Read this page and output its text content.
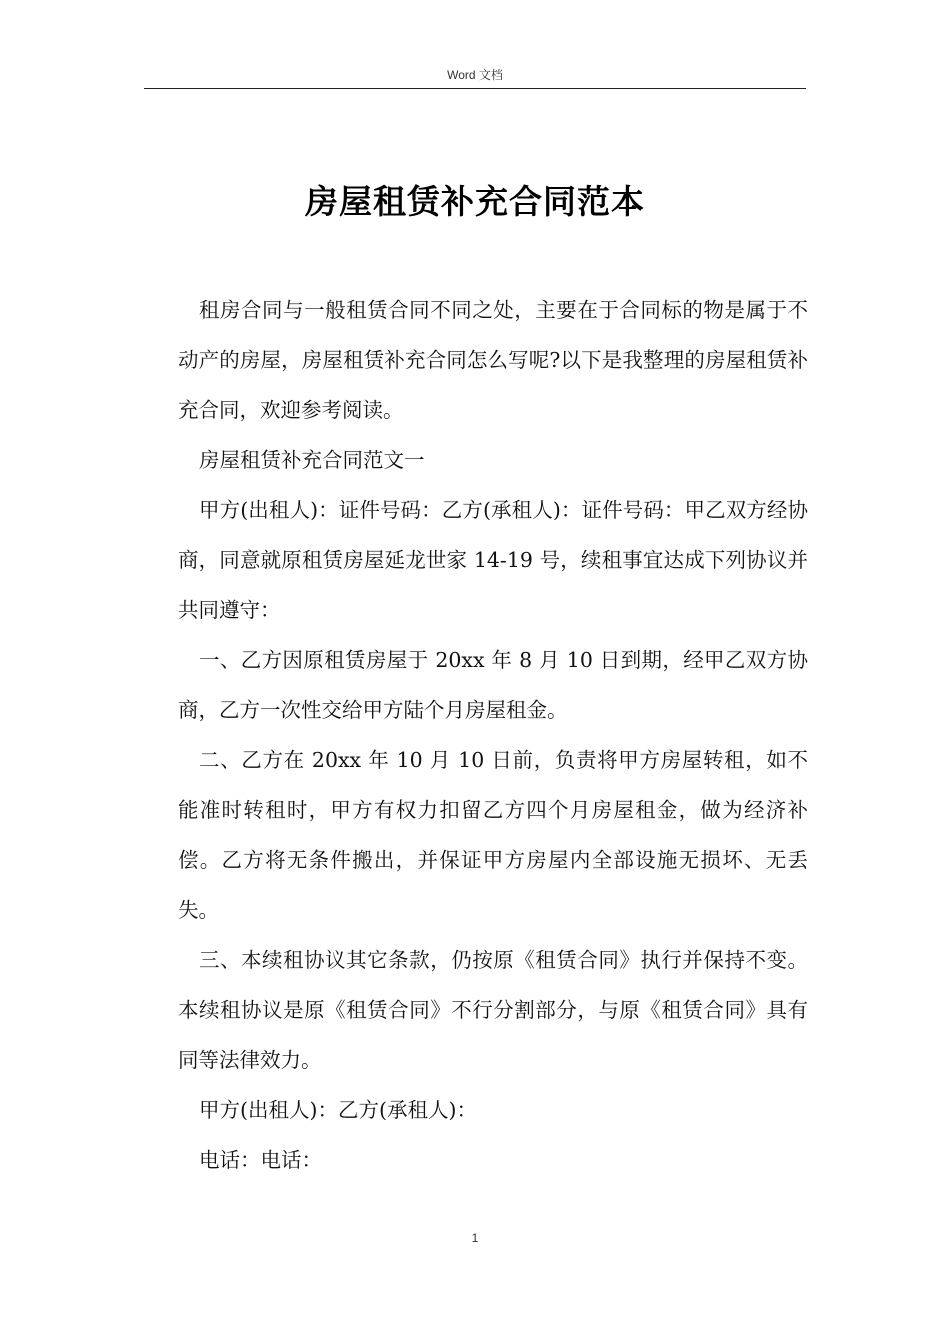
Word 文档
房屋租赁补充合同范本

租房合同与一般租赁合同不同之处，主要在于合同标的物是属于不动产的房屋，房屋租赁补充合同怎么写呢?以下是我整理的房屋租赁补充合同，欢迎参考阅读。

房屋租赁补充合同范文一

甲方(出租人)：证件号码：乙方(承租人)：证件号码：甲乙双方经协商，同意就原租赁房屋延龙世家 14-19 号，续租事宜达成下列协议并共同遵守：

一、乙方因原租赁房屋于 20xx 年 8 月 10 日到期，经甲乙双方协商，乙方一次性交给甲方陆个月房屋租金。

二、乙方在 20xx 年 10 月 10 日前，负责将甲方房屋转租，如不能准时转租时，甲方有权力扣留乙方四个月房屋租金，做为经济补偿。乙方将无条件搬出，并保证甲方房屋内全部设施无损坏、无丢失。

三、本续租协议其它条款，仍按原《租赁合同》执行并保持不变。本续租协议是原《租赁合同》不行分割部分，与原《租赁合同》具有同等法律效力。

甲方(出租人)：乙方(承租人)：

电话：电话：

1
